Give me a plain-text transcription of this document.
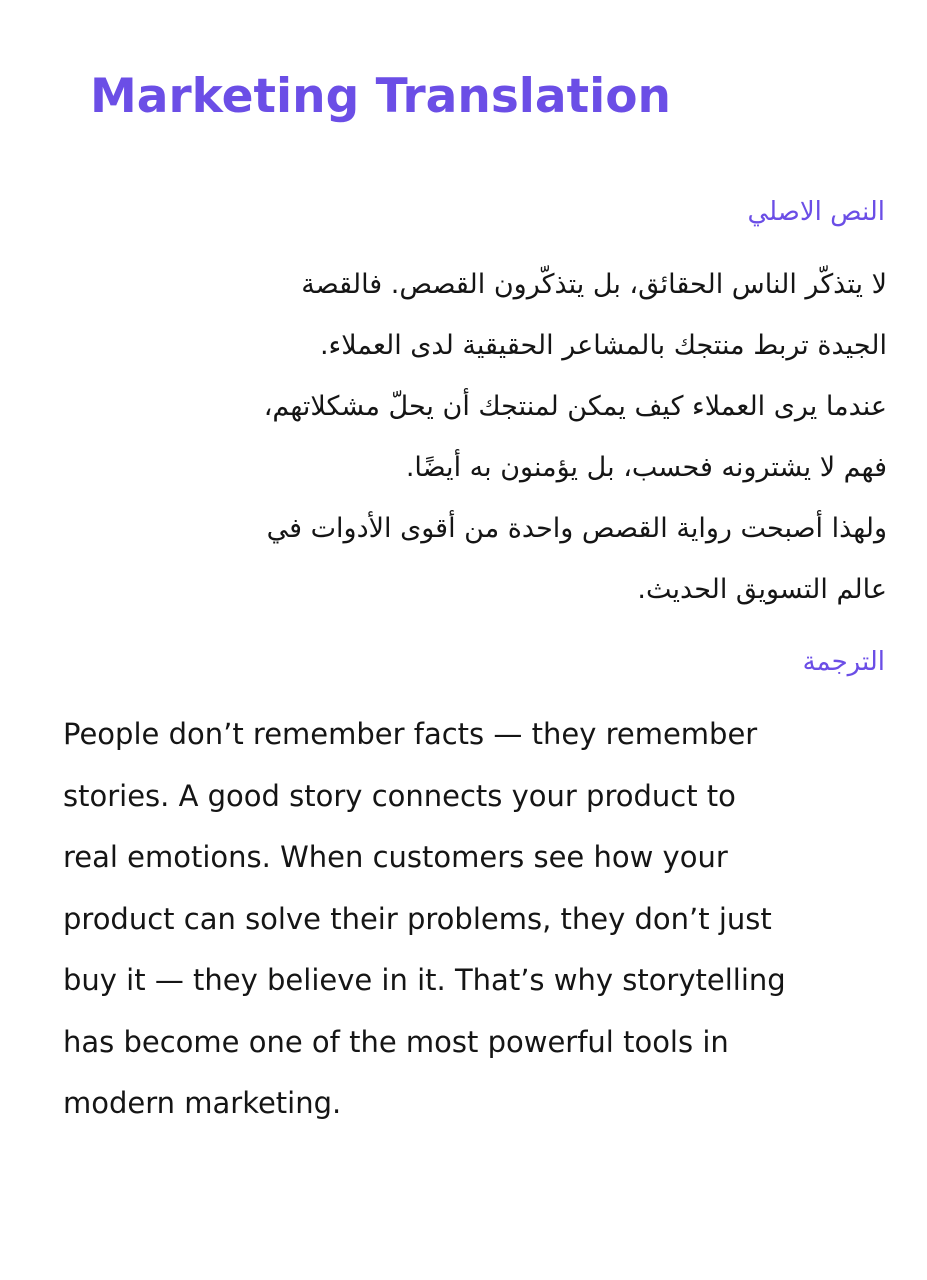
Marketing Translation
النص الاصلي

لا يتذكّر الناس الحقائق، بل يتذكّرون القصص. فالقصة
الجيدة تربط منتجك بالمشاعر الحقيقية لدى العملاء.
عندما يرى العملاء كيف يمكن لمنتجك أن يحلّ مشكلاتهم،
فهم لا يشترونه فحسب، بل يؤمنون به أيضًا.
ولهذا أصبحت رواية القصص واحدة من أقوى الأدوات في
عالم التسويق الحديث.

الترجمة

People don’t remember facts — they remember
stories. A good story connects your product to
real emotions. When customers see how your
product can solve their problems, they don’t just
buy it — they believe in it. That’s why storytelling
has become one of the most powerful tools in
modern marketing.
